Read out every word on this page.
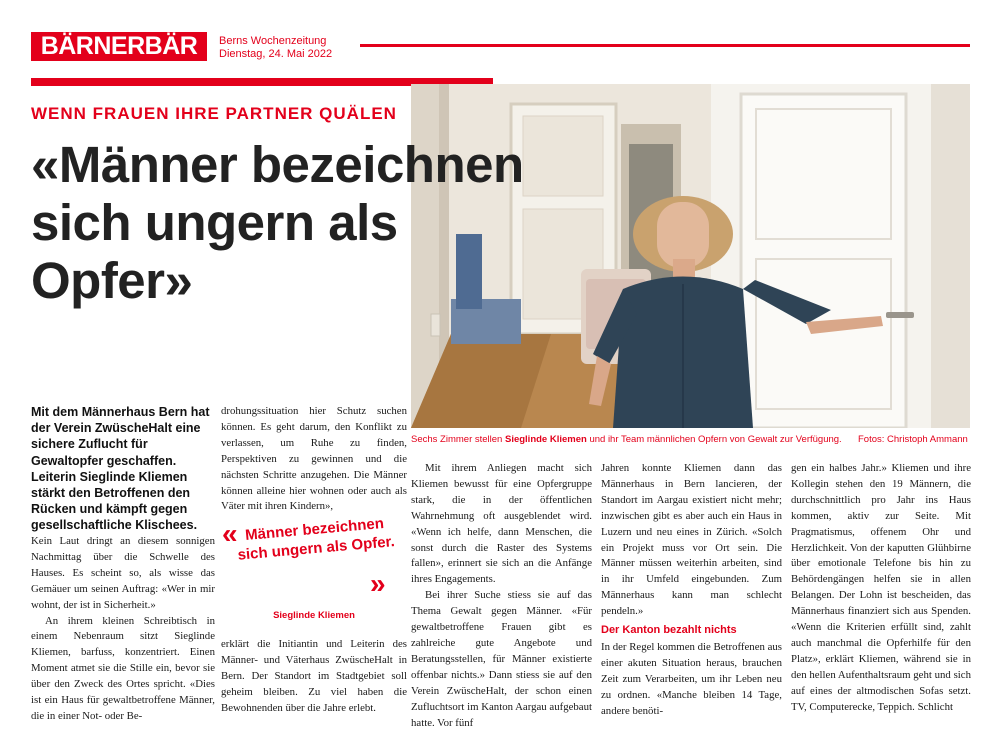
BÄRNERBÄR	Berns Wochenzeitung
Dienstag, 24. Mai 2022
WENN FRAUEN IHRE PARTNER QUÄLEN
«Männer bezeichnen sich ungern als Opfer»
Sechs Zimmer stellen Sieglinde Kliemen und ihr Team männlichen Opfern von Gewalt zur Verfügung. Fotos: Christoph Ammann
Mit dem Männerhaus Bern hat der Verein ZwüscheHalt eine sichere Zuflucht für Gewaltopfer geschaffen. Leiterin Sieglinde Kliemen stärkt den Betroffenen den Rücken und kämpft gegen gesellschaftliche Klischees.

Kein Laut dringt an diesem sonnigen Nachmittag über die Schwelle des Hauses. Es scheint so, als wisse das Gemäuer um seinen Auftrag: «Wer in mir wohnt, der ist in Sicherheit.»

An ihrem kleinen Schreibtisch in einem Nebenraum sitzt Sieglinde Kliemen, barfuss, konzentriert. Einen Moment atmet sie die Stille ein, bevor sie über den Zweck des Ortes spricht. «Dies ist ein Haus für gewaltbetroffene Männer, die in einer Not- oder Be-

drohungssituation hier Schutz suchen können. Es geht darum, den Konflikt zu verlassen, um Ruhe zu finden, Perspektiven zu gewinnen und die nächsten Schritte anzugehen. Die Männer können alleine hier wohnen oder auch als Väter mit ihren Kindern»,

« Männer bezeichnen sich ungern als Opfer.
»
Sieglinde Kliemen

erklärt die Initiantin und Leiterin des Männer- und Väterhaus ZwüscheHalt in Bern. Der Standort im Stadtgebiet soll geheim bleiben. Zu viel haben die Bewohnenden über die Jahre erlebt.

Mit ihrem Anliegen macht sich Kliemen bewusst für eine Opfergruppe stark, die in der öffentlichen Wahrnehmung oft ausgeblendet wird. «Wenn ich helfe, dann Menschen, die sonst durch die Raster des Systems fallen», erinnert sie sich an die Anfänge ihres Engagements.

Bei ihrer Suche stiess sie auf das Thema Gewalt gegen Männer. «Für gewaltbetroffene Frauen gibt es zahlreiche gute Angebote und Beratungsstellen, für Männer existierte offenbar nichts.» Dann stiess sie auf den Verein ZwüscheHalt, der schon einen Zufluchtsort im Kanton Aargau aufgebaut hatte. Vor fünf

Jahren konnte Kliemen dann das Männerhaus in Bern lancieren, der Standort im Aargau existiert nicht mehr; inzwischen gibt es aber auch ein Haus in Luzern und neu eines in Zürich. «Solch ein Projekt muss vor Ort sein. Die Männer müssen weiterhin arbeiten, sind in ihr Umfeld eingebunden. Zum Männerhaus kann man schlecht pendeln.»

Der Kanton bezahlt nichts

In der Regel kommen die Betroffenen aus einer akuten Situation heraus, brauchen Zeit zum Verarbeiten, um ihr Leben neu zu ordnen. «Manche bleiben 14 Tage, andere benöti-

gen ein halbes Jahr.» Kliemen und ihre Kollegin stehen den 19 Männern, die durchschnittlich pro Jahr ins Haus kommen, aktiv zur Seite. Mit Pragmatismus, offenem Ohr und Herzlichkeit. Von der kaputten Glühbirne über emotionale Telefone bis hin zu Behördengängen helfen sie in allen Belangen. Der Lohn ist bescheiden, das Männerhaus finanziert sich aus Spenden. «Wenn die Kriterien erfüllt sind, zahlt auch manchmal die Opferhilfe für den Platz», erklärt Kliemen, während sie in den hellen Aufenthaltsraum geht und sich auf eines der altmodischen Sofas setzt. TV, Computerecke, Teppich. Schlicht
